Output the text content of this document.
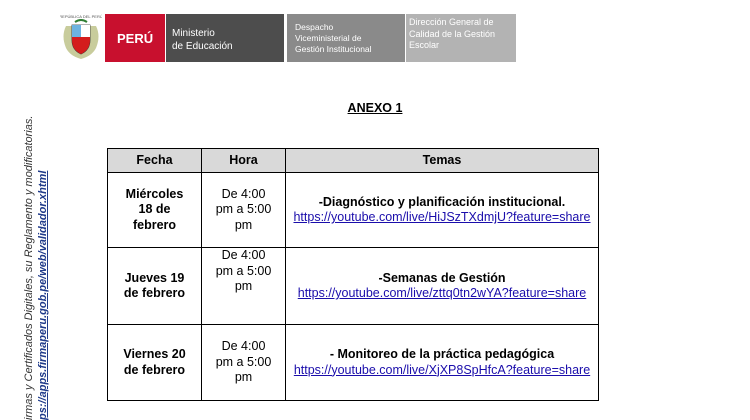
REPÚBLICA DEL PERÚ
PERÚ Ministerio
de Educación
Despacho
Viceministerial de
Gestión Institucional
Dirección General de
Calidad de la Gestión
Escolar
irmas y Certificados Digitales, su Reglamento y modificatorias. ps://apps.firmaperu.gob.pe/web/validador.xhtml
ANEXO 1
Fecha	Hora	Temas

Miércoles
18 de
febrero	De 4:00
pm a 5:00
pm	-Diagnóstico y planificación institucional.
https://youtube.com/live/HiJSzTXdmjU?feature=share

Jueves 19
de febrero	De 4:00
pm a 5:00
pm	-Semanas de Gestión
https://youtube.com/live/zttq0tn2wYA?feature=share

Viernes 20
de febrero	De 4:00
pm a 5:00
pm	- Monitoreo de la práctica pedagógica
https://youtube.com/live/XjXP8SpHfcA?feature=share
